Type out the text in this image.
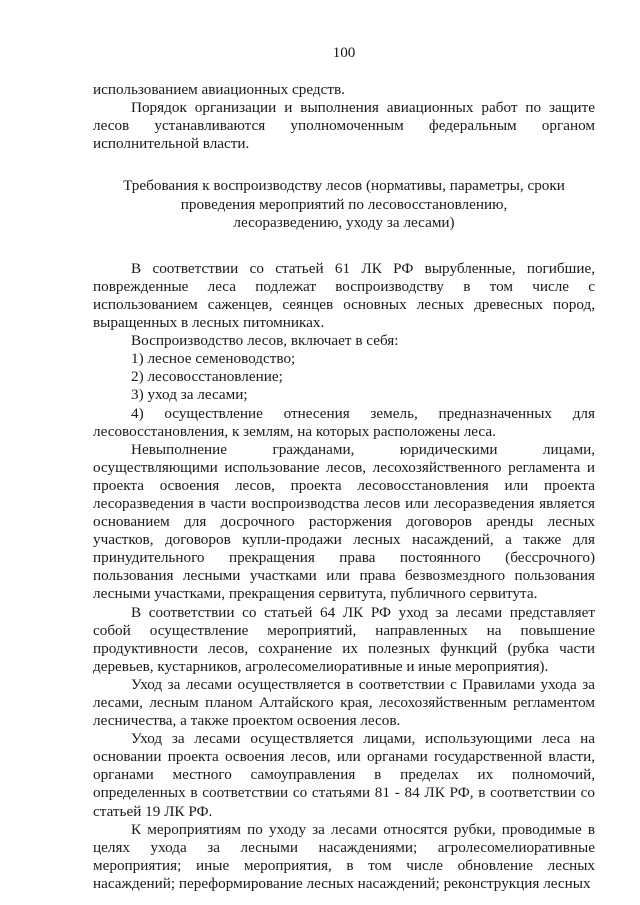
100

использованием авиационных средств.

Порядок организации и выполнения авиационных работ по защите лесов устанавливаются уполномоченным федеральным органом исполнительной власти.

Требования к воспроизводству лесов (нормативы, параметры, сроки
проведения мероприятий по лесовосстановлению,
лесоразведению, уходу за лесами)

В соответствии со статьей 61 ЛК РФ вырубленные, погибшие, поврежденные леса подлежат воспроизводству в том числе с использованием саженцев, сеянцев основных лесных древесных пород, выращенных в лесных питомниках.

Воспроизводство лесов, включает в себя:

1) лесное семеноводство;

2) лесовосстановление;

3) уход за лесами;

4) осуществление отнесения земель, предназначенных для лесовосстановления, к землям, на которых расположены леса.

Невыполнение гражданами, юридическими лицами, осуществляющими использование лесов, лесохозяйственного регламента и проекта освоения лесов, проекта лесовосстановления или проекта лесоразведения в части воспроизводства лесов или лесоразведения является основанием для досрочного расторжения договоров аренды лесных участков, договоров купли-продажи лесных насаждений, а также для принудительного прекращения права постоянного (бессрочного) пользования лесными участками или права безвозмездного пользования лесными участками, прекращения сервитута, публичного сервитута.

В соответствии со статьей 64 ЛК РФ уход за лесами представляет собой осуществление мероприятий, направленных на повышение продуктивности лесов, сохранение их полезных функций (рубка части деревьев, кустарников, агролесомелиоративные и иные мероприятия).

Уход за лесами осуществляется в соответствии с Правилами ухода за лесами, лесным планом Алтайского края, лесохозяйственным регламентом лесничества, а также проектом освоения лесов.

Уход за лесами осуществляется лицами, использующими леса на основании проекта освоения лесов, или органами государственной власти, органами местного самоуправления в пределах их полномочий, определенных в соответствии со статьями 81 - 84 ЛК РФ, в соответствии со статьей 19 ЛК РФ.

К мероприятиям по уходу за лесами относятся рубки, проводимые в целях ухода за лесными насаждениями; агролесомелиоративные мероприятия; иные мероприятия, в том числе обновление лесных насаждений; переформирование лесных насаждений; реконструкция лесных
